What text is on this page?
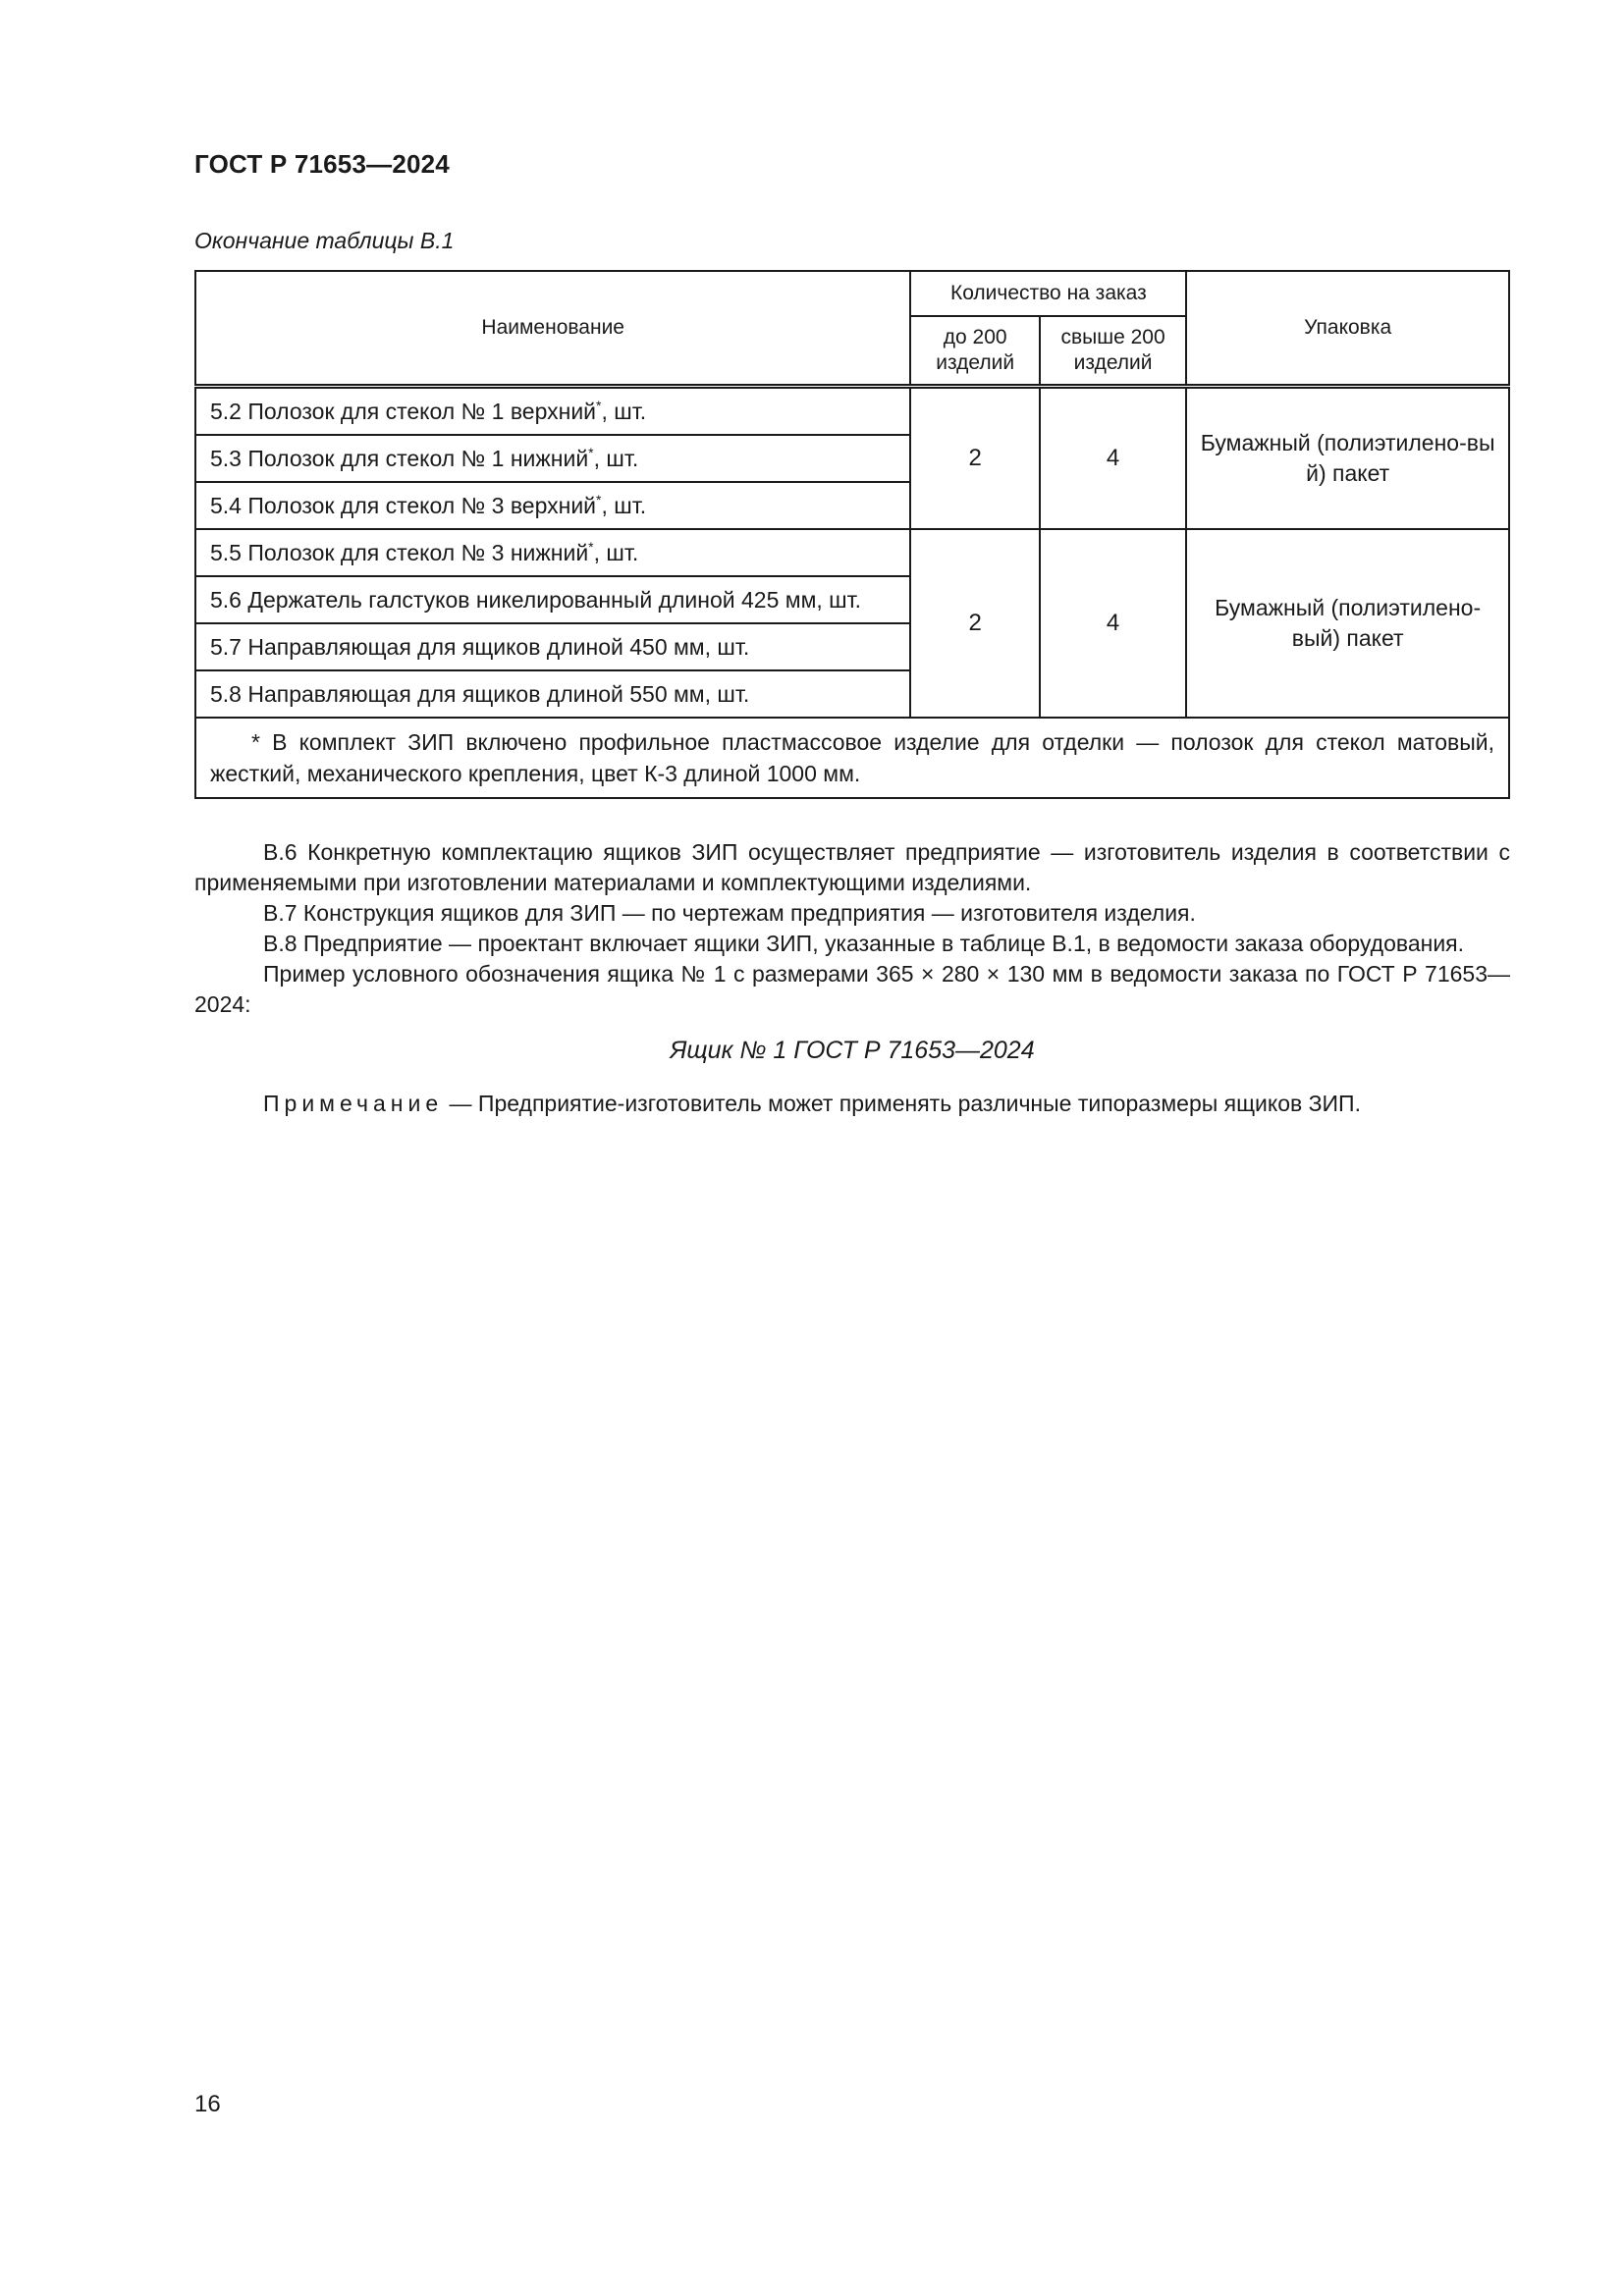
ГОСТ Р 71653—2024
Окончание таблицы В.1
Наименование	Количество на заказ		Упаковка
	до 200 изделий	свыше 200 изделий	
5.2 Полозок для стекол № 1 верхний*, шт.	2	4	Бумажный (полиэтилено-вый) пакет

5.3 Полозок для стекол № 1 нижний*, шт.			
5.4 Полозок для стекол № 3 верхний*, шт.			
5.5 Полозок для стекол № 3 нижний*, шт.	2	4	Бумажный (полиэтилено-вый) пакет

5.6 Держатель галстуков никелированный длиной 425 мм, шт.			
5.7 Направляющая для ящиков длиной 450 мм, шт.			
5.8 Направляющая для ящиков длиной 550 мм, шт.			
* В комплект ЗИП включено профильное пластмассовое изделие для отделки — полозок для стекол матовый, жесткий, механического крепления, цвет К-3 длиной 1000 мм.			

В.6 Конкретную комплектацию ящиков ЗИП осуществляет предприятие — изготовитель изделия в соответствии с применяемыми при изготовлении материалами и комплектующими изделиями.

В.7 Конструкция ящиков для ЗИП — по чертежам предприятия — изготовителя изделия.

В.8 Предприятие — проектант включает ящики ЗИП, указанные в таблице В.1, в ведомости заказа оборудования.

Пример условного обозначения ящика № 1 с размерами 365 × 280 × 130 мм в ведомости заказа по ГОСТ Р 71653—2024:

Ящик № 1 ГОСТ Р 71653—2024
Примечание — Предприятие-изготовитель может применять различные типоразмеры ящиков ЗИП.
16
